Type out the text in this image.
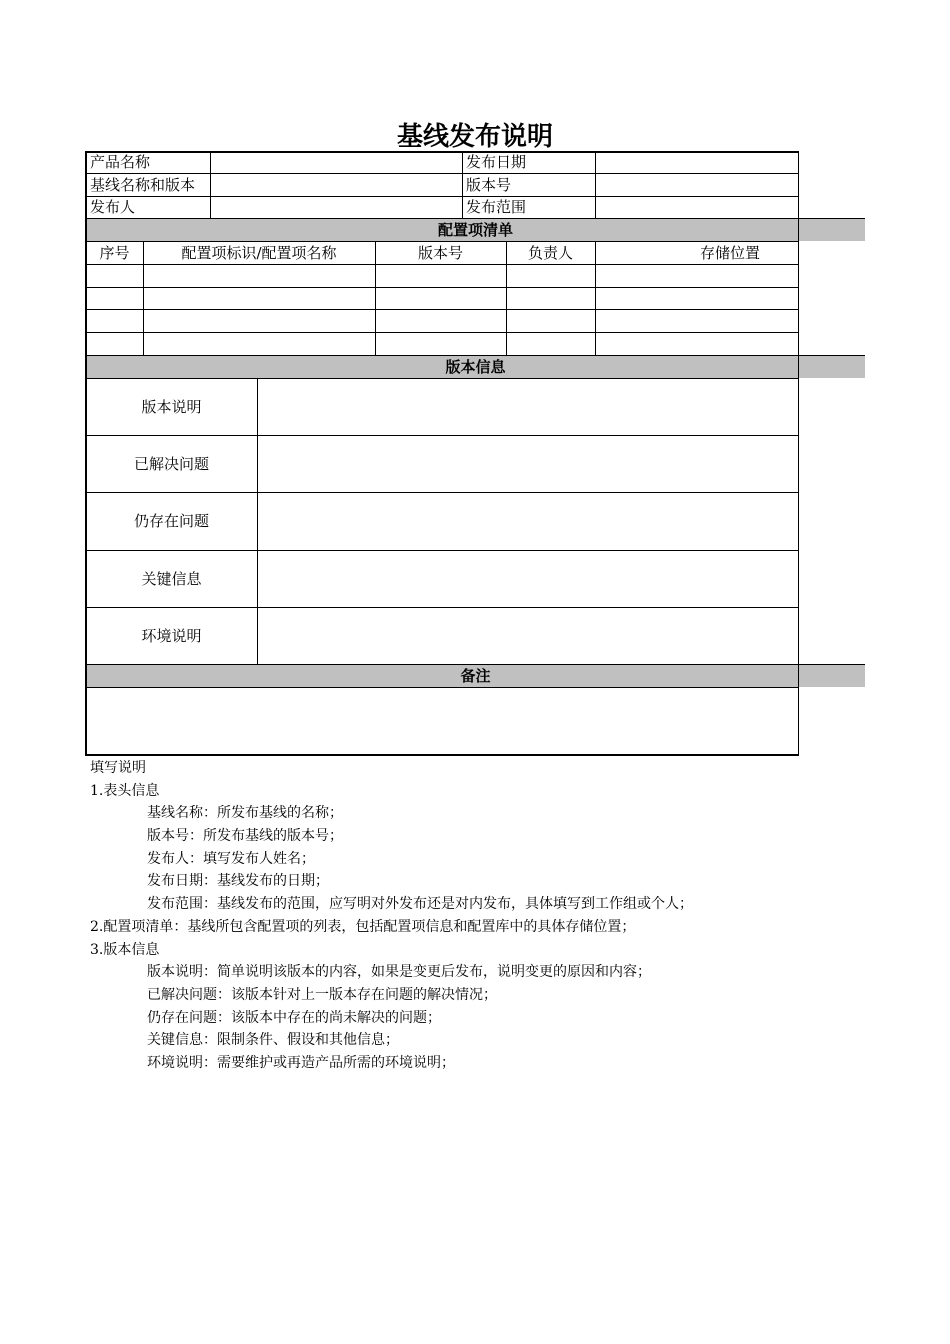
基线发布说明
产品名称	发布日期
基线名称和版本	版本号
发布人	发布范围
配置项清单
序号	配置项标识/配置项名称	版本号	负责人	存储位置
版本信息
版本说明
已解决问题
仍存在问题
关键信息
环境说明
备注
填写说明
1.表头信息
基线名称：所发布基线的名称；
版本号：所发布基线的版本号；
发布人：填写发布人姓名；
发布日期：基线发布的日期；
发布范围：基线发布的范围，应写明对外发布还是对内发布，具体填写到工作组或个人；
2.配置项清单：基线所包含配置项的列表，包括配置项信息和配置库中的具体存储位置；
3.版本信息
版本说明：简单说明该版本的内容，如果是变更后发布，说明变更的原因和内容；
已解决问题：该版本针对上一版本存在问题的解决情况；
仍存在问题：该版本中存在的尚未解决的问题；
关键信息：限制条件、假设和其他信息；
环境说明：需要维护或再造产品所需的环境说明；
